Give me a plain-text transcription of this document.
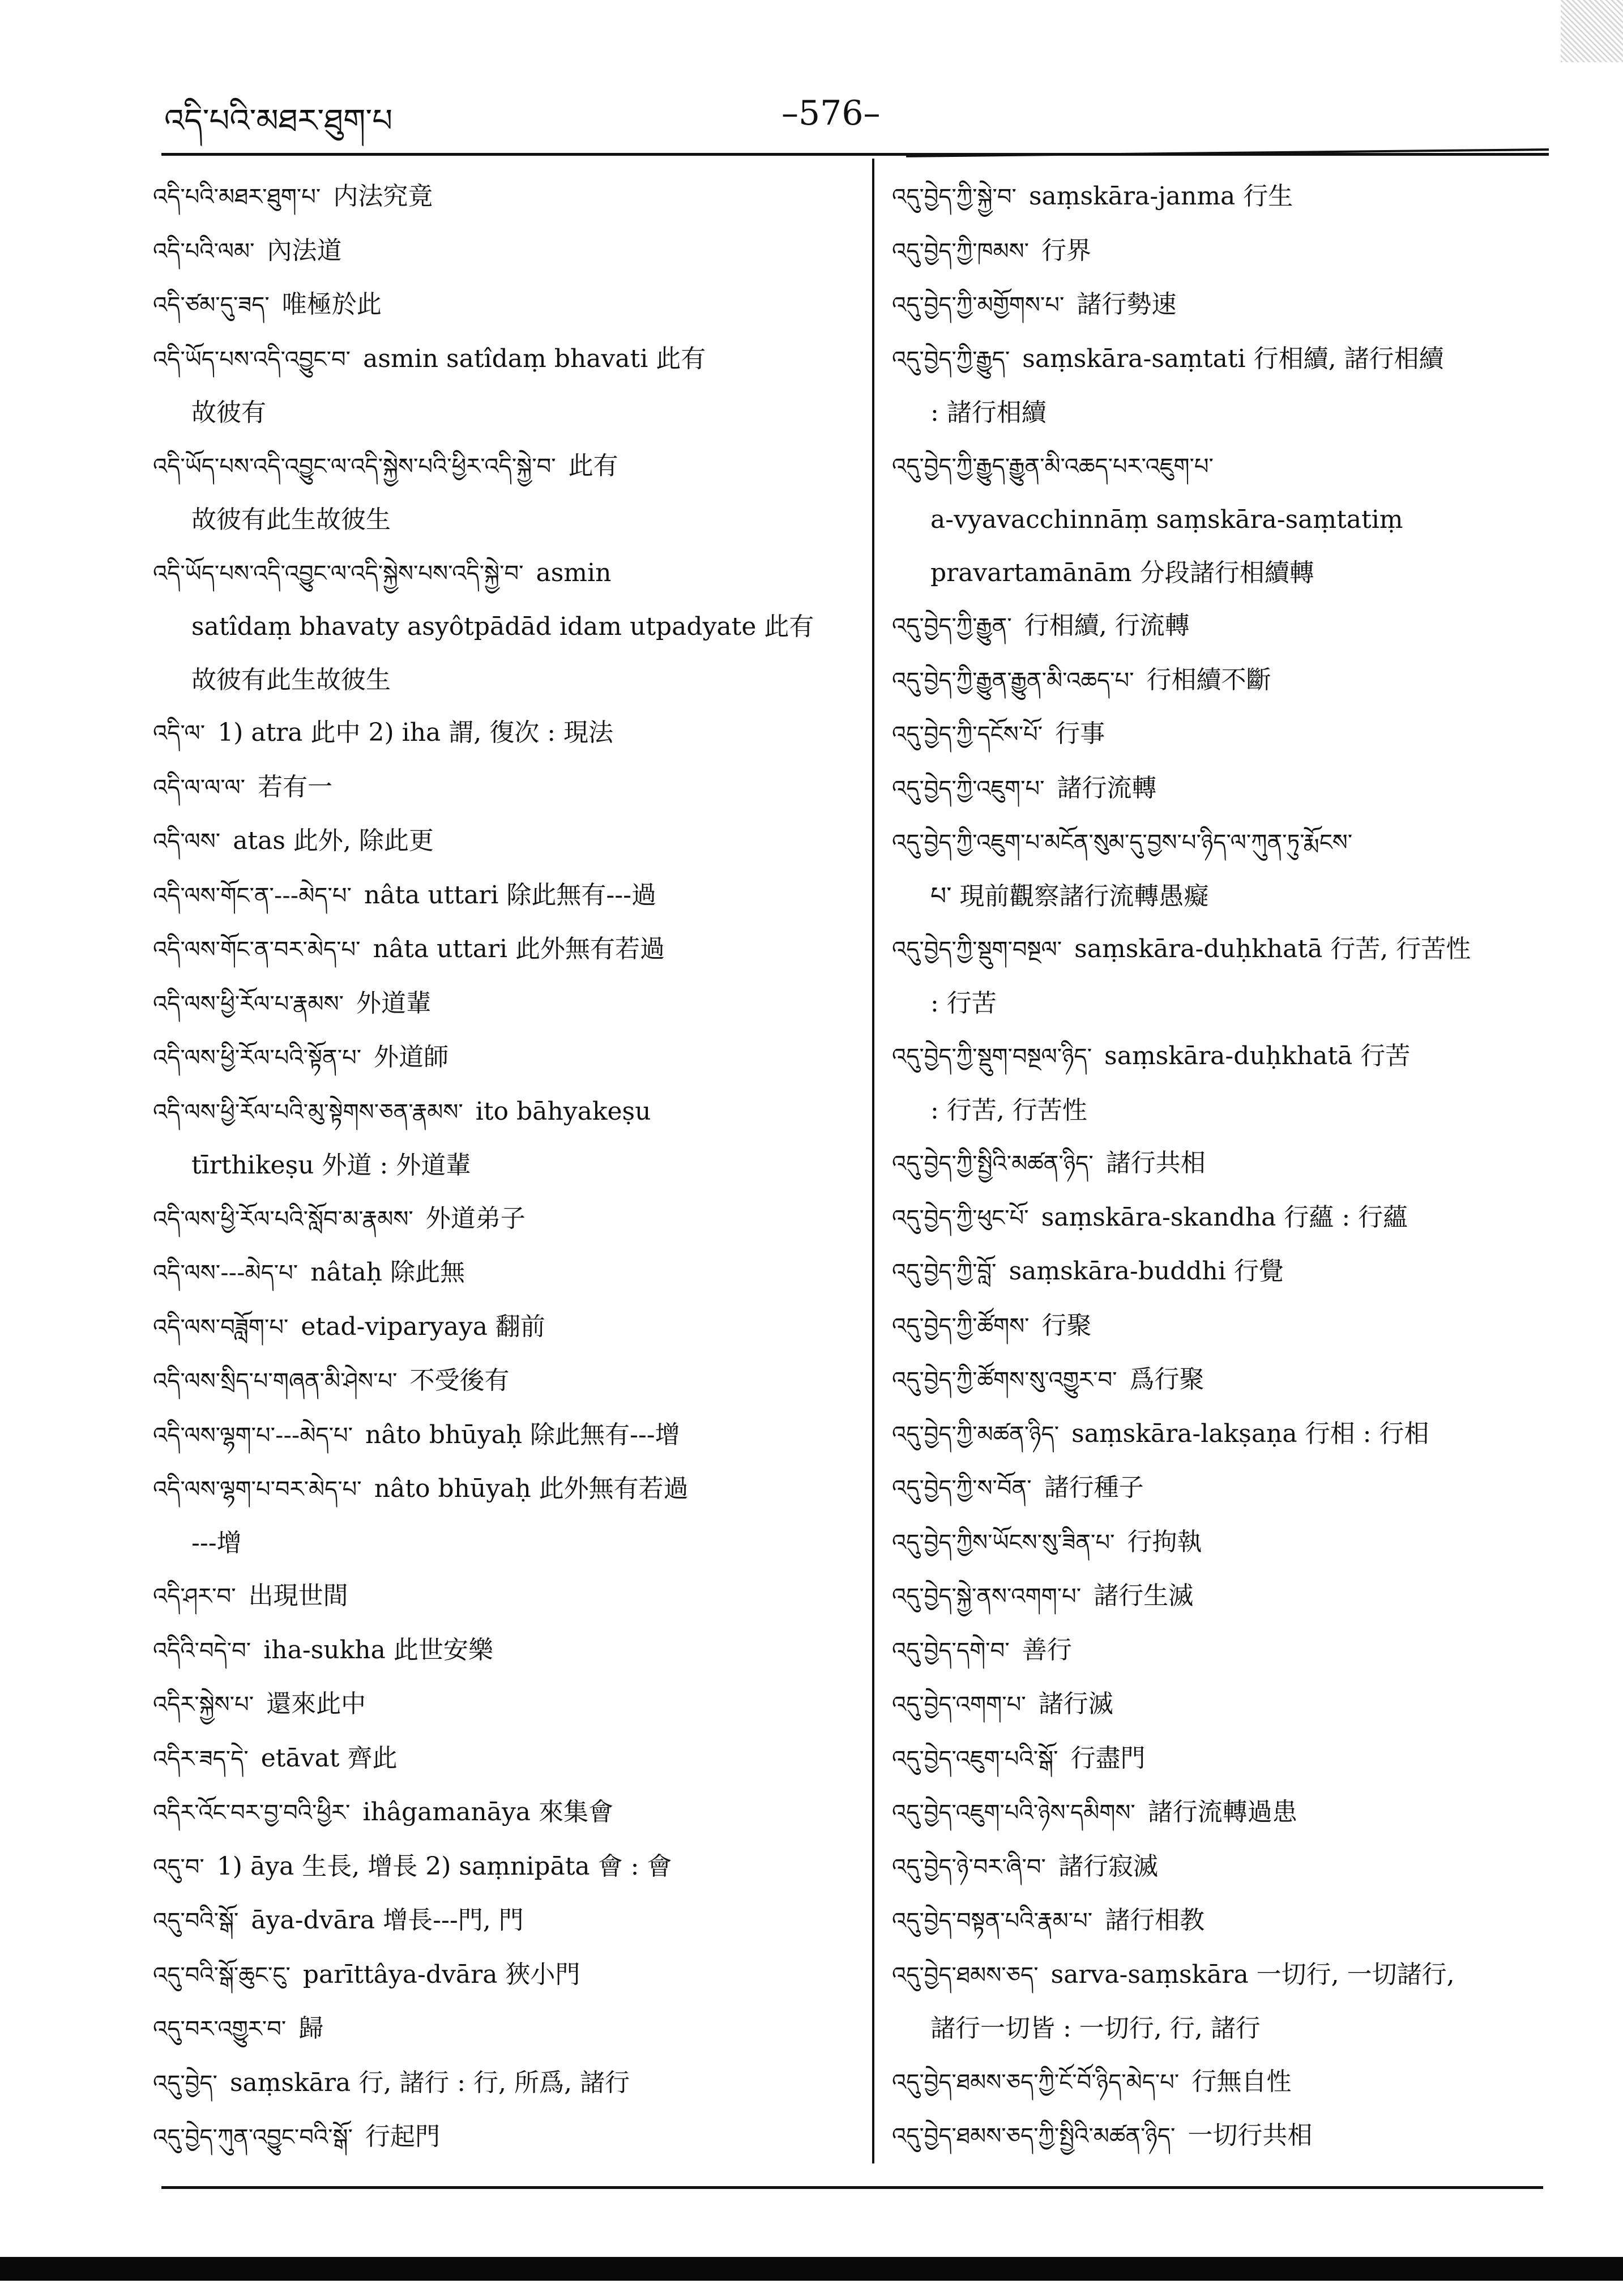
འདི་པའི་མཐར་ཐུག་པ	–576–
འདི་པའི་མཐར་ཐུག་པ་ 内法究竟
འདི་པའི་ལམ་ 內法道
འདི་ཙམ་དུ་ཟད་ 唯極於此
འདི་ཡོད་པས་འདི་འབྱུང་བ་ asmin satîdaṃ bhavati 此有
故彼有
འདི་ཡོད་པས་འདི་འབྱུང་ལ་འདི་སྐྱེས་པའི་ཕྱིར་འདི་སྐྱེ་བ་ 此有
故彼有此生故彼生
འདི་ཡོད་པས་འདི་འབྱུང་ལ་འདི་སྐྱེས་པས་འདི་སྐྱེ་བ་ asmin
satîdaṃ bhavaty asyôtpādād idam utpadyate 此有
故彼有此生故彼生
འདི་ལ་ 1) atra 此中 2) iha 謂, 復次 : 現法
འདི་ལ་ལ་ལ་ 若有一
འདི་ལས་ atas 此外, 除此更
འདི་ལས་གོང་ན་---མེད་པ་ nâta uttari 除此無有---過
འདི་ལས་གོང་ན་བར་མེད་པ་ nâta uttari 此外無有若過
འདི་ལས་ཕྱི་རོལ་པ་རྣམས་ 外道輩
འདི་ལས་ཕྱི་རོལ་པའི་སྟོན་པ་ 外道師
འདི་ལས་ཕྱི་རོལ་པའི་མུ་སྟེགས་ཅན་རྣམས་ ito bāhyakeṣu
tīrthikeṣu 外道 : 外道輩
འདི་ལས་ཕྱི་རོལ་པའི་སློབ་མ་རྣམས་ 外道弟子
འདི་ལས་---མེད་པ་ nâtaḥ 除此無
འདི་ལས་བཟློག་པ་ etad-viparyaya 翻前
འདི་ལས་སྲིད་པ་གཞན་མི་ཤེས་པ་ 不受後有
འདི་ལས་ལྷག་པ་---མེད་པ་ nâto bhūyaḥ 除此無有---增
འདི་ལས་ལྷག་པ་བར་མེད་པ་ nâto bhūyaḥ 此外無有若過
---增
འདི་ཤར་བ་ 出現世間
འདིའི་བདེ་བ་ iha-sukha 此世安樂
འདིར་སྐྱེས་པ་ 還來此中
འདིར་ཟད་དེ་ etāvat 齊此
འདིར་འོང་བར་བྱ་བའི་ཕྱིར་ ihâgamanāya 來集會
འདུ་བ་ 1) āya 生長, 增長 2) saṃnipāta 會 : 會
འདུ་བའི་སྒོ་ āya-dvāra 增長---門, 門
འདུ་བའི་སྒོ་ཆུང་ངུ་ parīttâya-dvāra 狹小門
འདུ་བར་འགྱུར་བ་ 歸
འདུ་བྱེད་ saṃskāra 行, 諸行 : 行, 所爲, 諸行
འདུ་བྱེད་ཀུན་འབྱུང་བའི་སྒོ་ 行起門
འདུ་བྱེད་ཀྱི་སྐྱེ་བ་ saṃskāra-janma 行生
འདུ་བྱེད་ཀྱི་ཁམས་ 行界
འདུ་བྱེད་ཀྱི་མགྱོགས་པ་ 諸行勢速
འདུ་བྱེད་ཀྱི་རྒྱུད་ saṃskāra-saṃtati 行相續, 諸行相續
: 諸行相續
འདུ་བྱེད་ཀྱི་རྒྱུད་རྒྱུན་མི་འཆད་པར་འཇུག་པ་
a-vyavacchinnāṃ saṃskāra-saṃtatiṃ
pravartamānām 分段諸行相續轉
འདུ་བྱེད་ཀྱི་རྒྱུན་ 行相續, 行流轉
འདུ་བྱེད་ཀྱི་རྒྱུན་རྒྱུན་མི་འཆད་པ་ 行相續不斷
འདུ་བྱེད་ཀྱི་དངོས་པོ་ 行事
འདུ་བྱེད་ཀྱི་འཇུག་པ་ 諸行流轉
འདུ་བྱེད་ཀྱི་འཇུག་པ་མངོན་སུམ་དུ་བྱས་པ་ཉིད་ལ་ཀུན་ཏུ་རྨོངས་
པ་ 現前觀察諸行流轉愚癡
འདུ་བྱེད་ཀྱི་སྡུག་བསྔལ་ saṃskāra-duḥkhatā 行苦, 行苦性
: 行苦
འདུ་བྱེད་ཀྱི་སྡུག་བསྔལ་ཉིད་ saṃskāra-duḥkhatā 行苦
: 行苦, 行苦性
འདུ་བྱེད་ཀྱི་སྤྱིའི་མཚན་ཉིད་ 諸行共相
འདུ་བྱེད་ཀྱི་ཕུང་པོ་ saṃskāra-skandha 行蘊 : 行蘊
འདུ་བྱེད་ཀྱི་བློ་ saṃskāra-buddhi 行覺
འདུ་བྱེད་ཀྱི་ཚོགས་ 行聚
འདུ་བྱེད་ཀྱི་ཚོགས་སུ་འགྱུར་བ་ 爲行聚
འདུ་བྱེད་ཀྱི་མཚན་ཉིད་ saṃskāra-lakṣaṇa 行相 : 行相
འདུ་བྱེད་ཀྱི་ས་བོན་ 諸行種子
འདུ་བྱེད་ཀྱིས་ཡོངས་སུ་ཟིན་པ་ 行拘執
འདུ་བྱེད་སྐྱེ་ནས་འགག་པ་ 諸行生滅
འདུ་བྱེད་དགེ་བ་ 善行
འདུ་བྱེད་འགག་པ་ 諸行滅
འདུ་བྱེད་འཇུག་པའི་སྒོ་ 行盡門
འདུ་བྱེད་འཇུག་པའི་ཉེས་དམིགས་ 諸行流轉過患
འདུ་བྱེད་ཉེ་བར་ཞི་བ་ 諸行寂滅
འདུ་བྱེད་བསྟན་པའི་རྣམ་པ་ 諸行相教
འདུ་བྱེད་ཐམས་ཅད་ sarva-saṃskāra 一切行, 一切諸行,
諸行一切皆 : 一切行, 行, 諸行
འདུ་བྱེད་ཐམས་ཅད་ཀྱི་ངོ་བོ་ཉིད་མེད་པ་ 行無自性
འདུ་བྱེད་ཐམས་ཅད་ཀྱི་སྤྱིའི་མཚན་ཉིད་ 一切行共相
